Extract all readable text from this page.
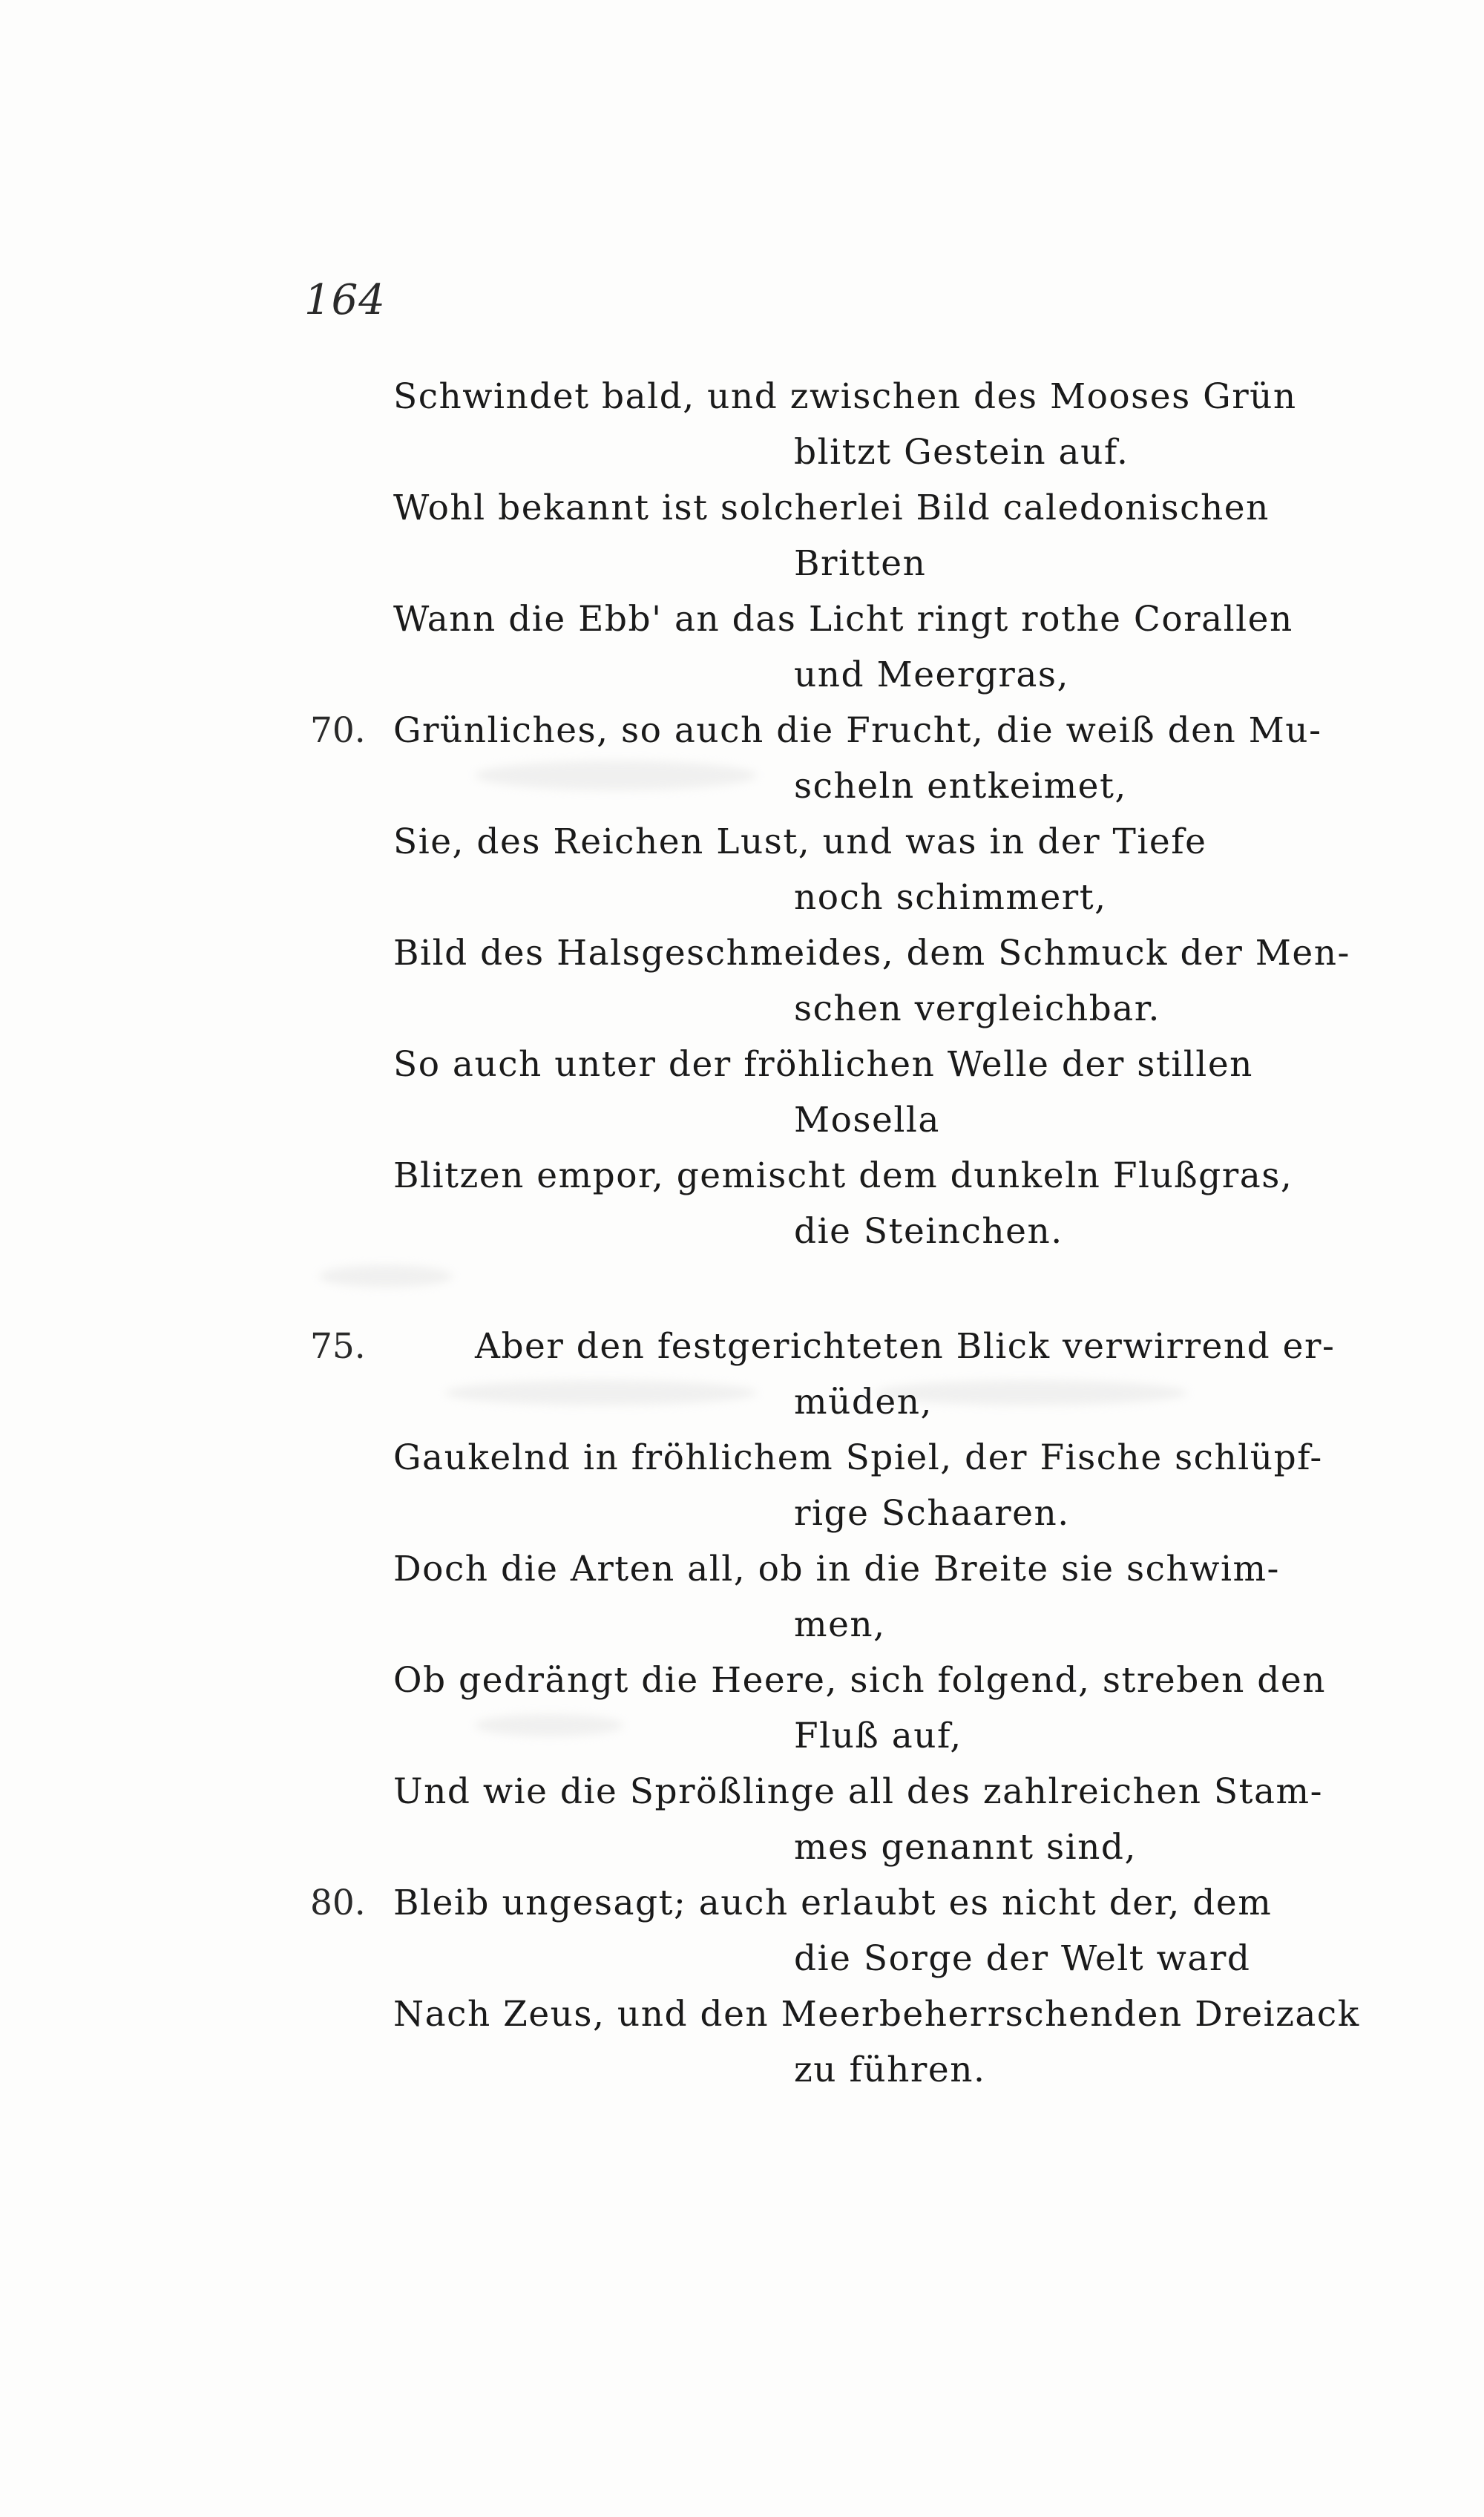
164
Schwindet bald, und zwischen des Mooses Grün
blitzt Gestein auf.
Wohl bekannt ist solcherlei Bild caledonischen
Britten
Wann die Ebb' an das Licht ringt rothe Corallen
und Meergras,
Grünliches, so auch die Frucht, die weiß den Mu-
70.
scheln entkeimet,
Sie, des Reichen Lust, und was in der Tiefe
noch schimmert,
Bild des Halsgeschmeides, dem Schmuck der Men-
schen vergleichbar.
So auch unter der fröhlichen Welle der stillen
Mosella
Blitzen empor, gemischt dem dunkeln Flußgras,
die Steinchen.
Aber den festgerichteten Blick verwirrend er-
75.
müden,
Gaukelnd in fröhlichem Spiel, der Fische schlüpf-
rige Schaaren.
Doch die Arten all, ob in die Breite sie schwim-
men,
Ob gedrängt die Heere, sich folgend, streben den
Fluß auf,
Und wie die Sprößlinge all des zahlreichen Stam-
mes genannt sind,
Bleib ungesagt; auch erlaubt es nicht der, dem
80.
die Sorge der Welt ward
Nach Zeus, und den Meerbeherrschenden Dreizack
zu führen.
